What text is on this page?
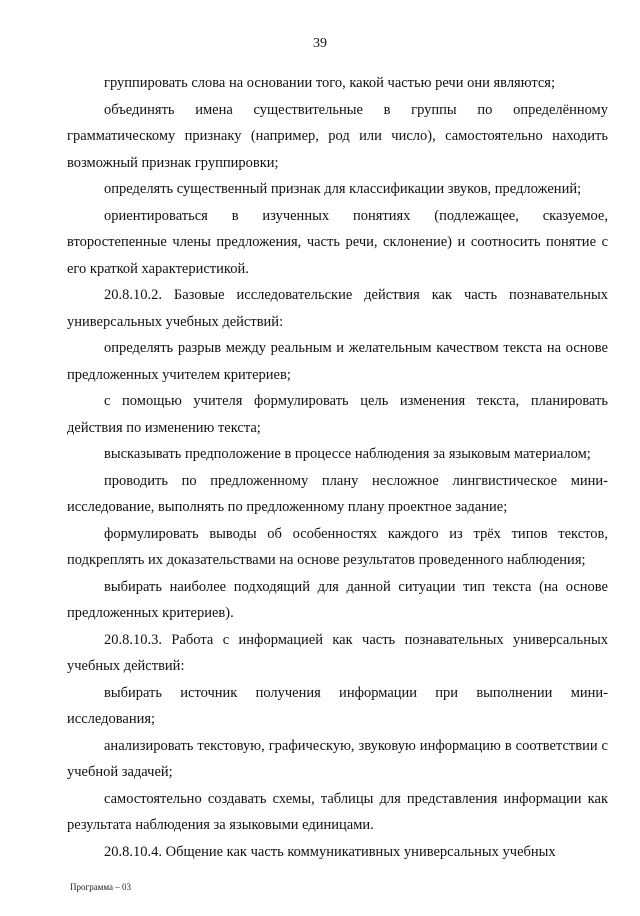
39

группировать слова на основании того, какой частью речи они являются;

объединять имена существительные в группы по определённому грамматическому признаку (например, род или число), самостоятельно находить возможный признак группировки;

определять существенный признак для классификации звуков, предложений;

ориентироваться в изученных понятиях (подлежащее, сказуемое, второстепенные члены предложения, часть речи, склонение) и соотносить понятие с его краткой характеристикой.

20.8.10.2. Базовые исследовательские действия как часть познавательных универсальных учебных действий:

определять разрыв между реальным и желательным качеством текста на основе предложенных учителем критериев;

с помощью учителя формулировать цель изменения текста, планировать действия по изменению текста;

высказывать предположение в процессе наблюдения за языковым материалом;

проводить по предложенному плану несложное лингвистическое мини-исследование, выполнять по предложенному плану проектное задание;

формулировать выводы об особенностях каждого из трёх типов текстов, подкреплять их доказательствами на основе результатов проведенного наблюдения;

выбирать наиболее подходящий для данной ситуации тип текста (на основе предложенных критериев).

20.8.10.3. Работа с информацией как часть познавательных универсальных учебных действий:

выбирать источник получения информации при выполнении мини-исследования;

анализировать текстовую, графическую, звуковую информацию в соответствии с учебной задачей;

самостоятельно создавать схемы, таблицы для представления информации как результата наблюдения за языковыми единицами.

20.8.10.4. Общение как часть коммуникативных универсальных учебных

Программа – 03
